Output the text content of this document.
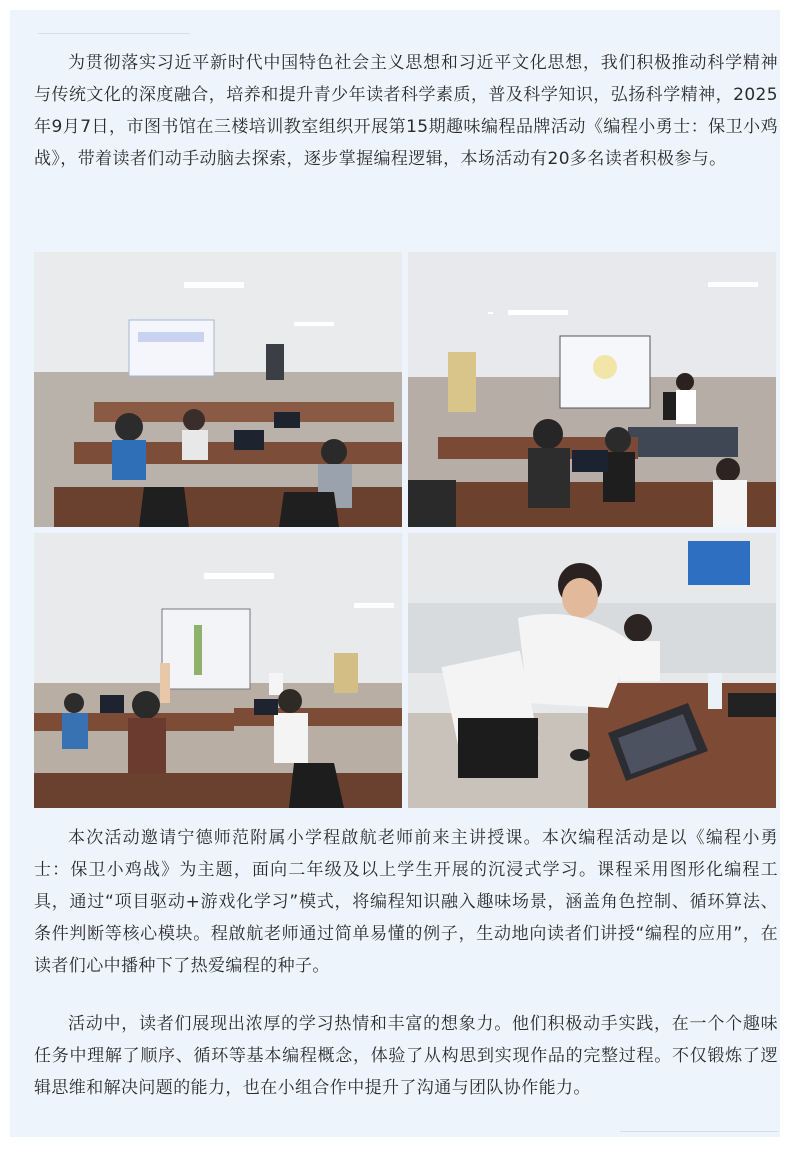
为贯彻落实习近平新时代中国特色社会主义思想和习近平文化思想，我们积极推动科学精神与传统文化的深度融合，培养和提升青少年读者科学素质，普及科学知识，弘扬科学精神，2025年9月7日，市图书馆在三楼培训教室组织开展第15期趣味编程品牌活动《编程小勇士：保卫小鸡战》，带着读者们动手动脑去探索，逐步掌握编程逻辑，本场活动有20多名读者积极参与。

本次活动邀请宁德师范附属小学程啟航老师前来主讲授课。本次编程活动是以《编程小勇士：保卫小鸡战》为主题，面向二年级及以上学生开展的沉浸式学习。课程采用图形化编程工具，通过“项目驱动+游戏化学习”模式，将编程知识融入趣味场景，涵盖角色控制、循环算法、条件判断等核心模块。程啟航老师通过简单易懂的例子，生动地向读者们讲授“编程的应用”，在读者们心中播种下了热爱编程的种子。

活动中，读者们展现出浓厚的学习热情和丰富的想象力。他们积极动手实践，在一个个趣味任务中理解了顺序、循环等基本编程概念，体验了从构思到实现作品的完整过程。不仅锻炼了逻辑思维和解决问题的能力，也在小组合作中提升了沟通与团队协作能力。
